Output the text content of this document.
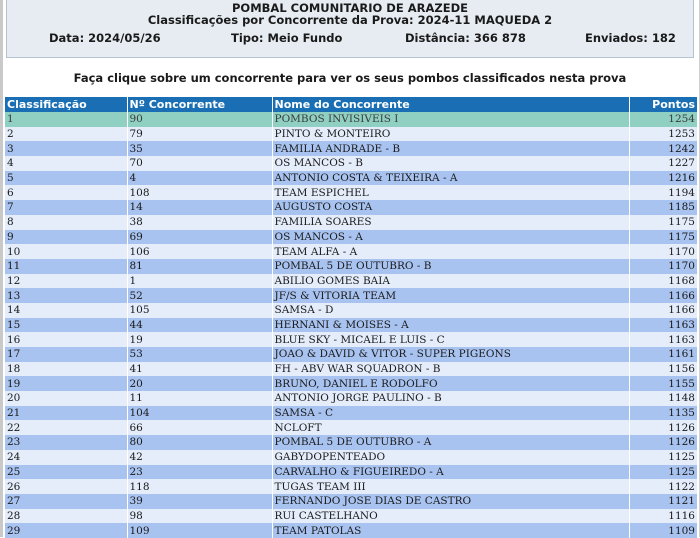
POMBAL COMUNITARIO DE ARAZEDE
Classificações por Concorrente da Prova: 2024-11 MAQUEDA 2
Data: 2024/05/26	Tipo: Meio Fundo	Distância: 366 878	Enviados: 182
Faça clique sobre um concorrente para ver os seus pombos classificados nesta prova
Classificação	Nº Concorrente	Nome do Concorrente	Pontos
1	90	POMBOS INVISIVEIS I	1254
2	79	PINTO & MONTEIRO	1253
3	35	FAMILIA ANDRADE - B	1242
4	70	OS MANCOS - B	1227
5	4	ANTONIO COSTA & TEIXEIRA - A	1216
6	108	TEAM ESPICHEL	1194
7	14	AUGUSTO COSTA	1185
8	38	FAMILIA SOARES	1175
9	69	OS MANCOS - A	1175
10	106	TEAM ALFA - A	1170
11	81	POMBAL 5 DE OUTUBRO - B	1170
12	1	ABILIO GOMES BAIA	1168
13	52	JF/S & VITORIA TEAM	1166
14	105	SAMSA - D	1166
15	44	HERNANI & MOISES - A	1163
16	19	BLUE SKY - MICAEL E LUIS - C	1163
17	53	JOAO & DAVID & VITOR - SUPER PIGEONS	1161
18	41	FH - ABV WAR SQUADRON - B	1156
19	20	BRUNO, DANIEL E RODOLFO	1155
20	11	ANTONIO JORGE PAULINO - B	1148
21	104	SAMSA - C	1135
22	66	NCLOFT	1126
23	80	POMBAL 5 DE OUTUBRO - A	1126
24	42	GABYDOPENTEADO	1125
25	23	CARVALHO & FIGUEIREDO - A	1125
26	118	TUGAS TEAM III	1122
27	39	FERNANDO JOSE DIAS DE CASTRO	1121
28	98	RUI CASTELHANO	1116
29	109	TEAM PATOLAS	1109
